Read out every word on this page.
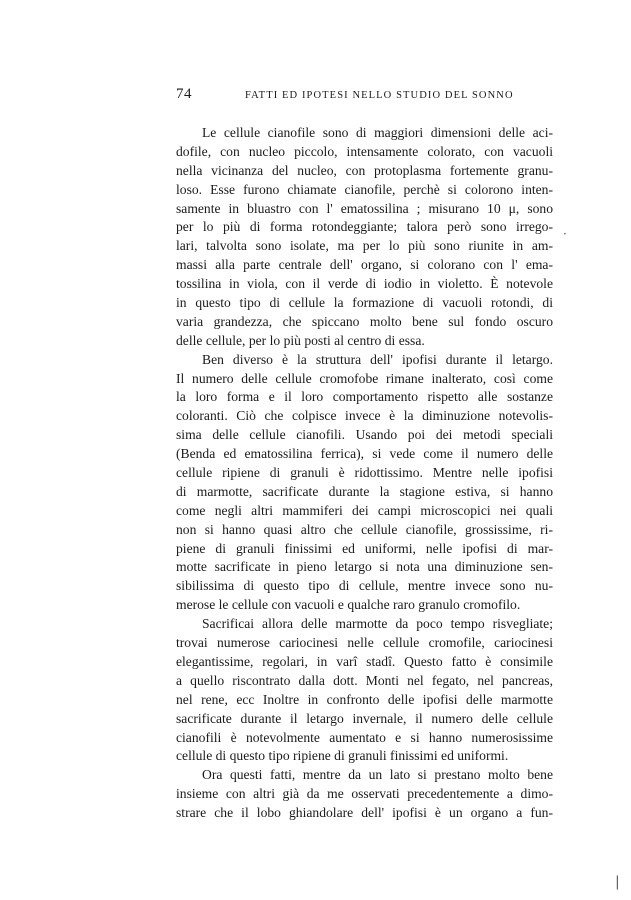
74	FATTI ED IPOTESI NELLO STUDIO DEL SONNO
Le cellule cianofile sono di maggiori dimensioni delle aci-
dofile, con nucleo piccolo, intensamente colorato, con vacuoli
nella vicinanza del nucleo, con protoplasma fortemente granu-
loso. Esse furono chiamate cianofile, perchè si colorono inten-
samente in bluastro con l' ematossilina ; misurano 10 μ, sono
per lo più di forma rotondeggiante; talora però sono irrego-
lari, talvolta sono isolate, ma per lo più sono riunite in am-
massi alla parte centrale dell' organo, si colorano con l' ema-
tossilina in viola, con il verde di iodio in violetto. È notevole
in questo tipo di cellule la formazione di vacuoli rotondi, di
varia grandezza, che spiccano molto bene sul fondo oscuro
delle cellule, per lo più posti al centro di essa.
Ben diverso è la struttura dell' ipofisi durante il letargo.
Il numero delle cellule cromofobe rimane inalterato, così come
la loro forma e il loro comportamento rispetto alle sostanze
coloranti. Ciò che colpisce invece è la diminuzione notevolis-
sima delle cellule cianofili. Usando poi dei metodi speciali
(Benda ed ematossilina ferrica), si vede come il numero delle
cellule ripiene di granuli è ridottissimo. Mentre nelle ipofisi
di marmotte, sacrificate durante la stagione estiva, si hanno
come negli altri mammiferi dei campi microscopici nei quali
non si hanno quasi altro che cellule cianofile, grossissime, ri-
piene di granuli finissimi ed uniformi, nelle ipofisi di mar-
motte sacrificate in pieno letargo si nota una diminuzione sen-
sibilissima di questo tipo di cellule, mentre invece sono nu-
merose le cellule con vacuoli e qualche raro granulo cromofilo.
Sacrificai allora delle marmotte da poco tempo risvegliate;
trovai numerose cariocinesi nelle cellule cromofile, cariocinesi
elegantissime, regolari, in varî stadî. Questo fatto è consimile
a quello riscontrato dalla dott. Monti nel fegato, nel pancreas,
nel rene, ecc Inoltre in confronto delle ipofisi delle marmotte
sacrificate durante il letargo invernale, il numero delle cellule
cianofili è notevolmente aumentato e si hanno numerosissime
cellule di questo tipo ripiene di granuli finissimi ed uniformi.
Ora questi fatti, mentre da un lato si prestano molto bene
insieme con altri già da me osservati precedentemente a dimo-
strare che il lobo ghiandolare dell' ipofisi è un organo a fun-
·
|
